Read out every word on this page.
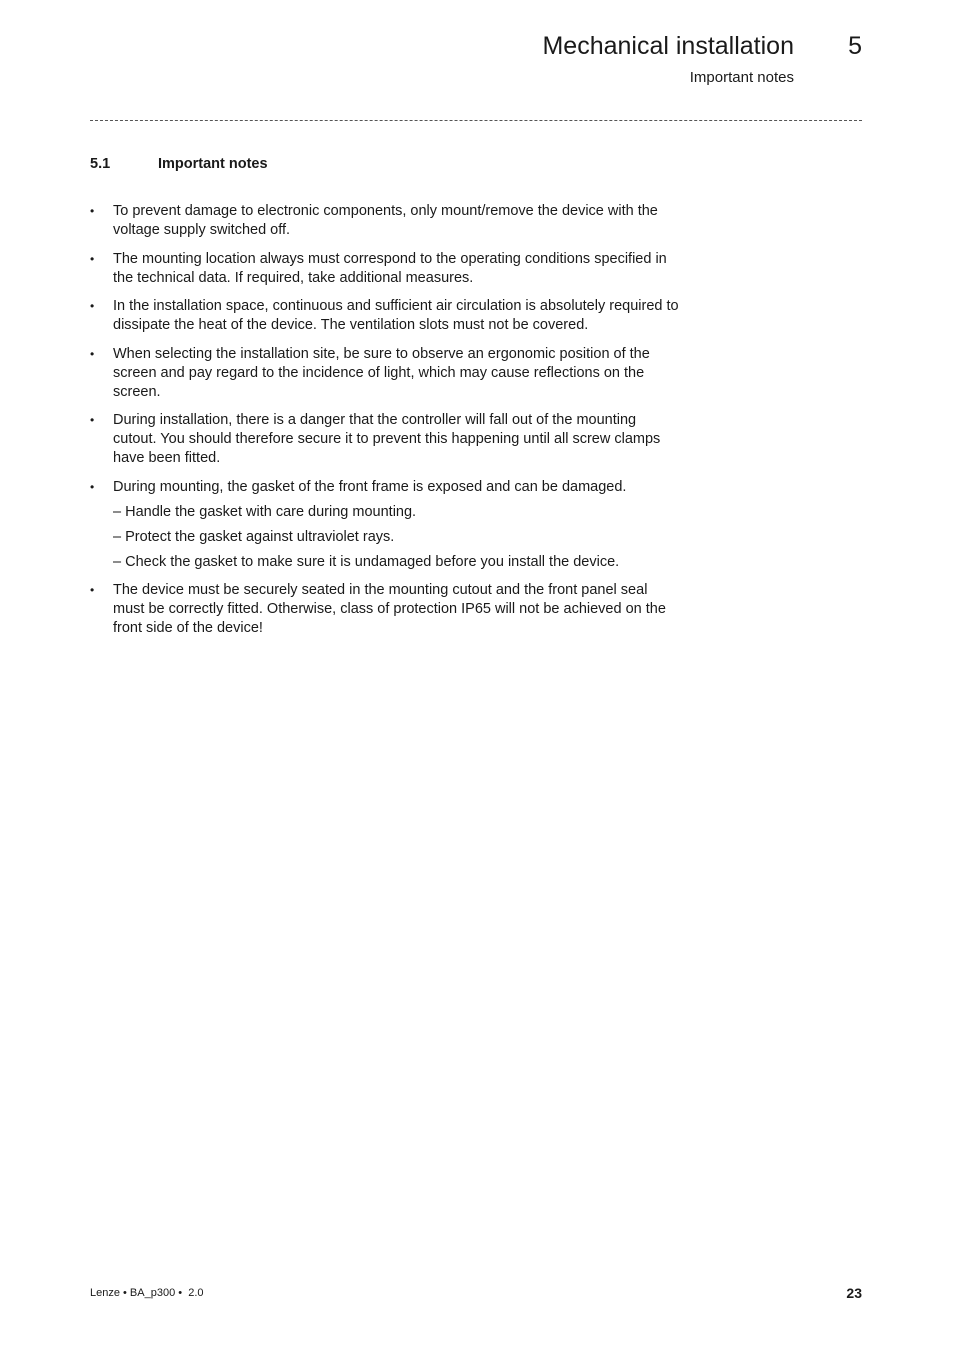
Mechanical installation 5
Important notes
5.1	Important notes
•	To prevent damage to electronic components, only mount/remove the device with the voltage supply switched off.
•	The mounting location always must correspond to the operating conditions specified in the technical data. If required, take additional measures.
•	In the installation space, continuous and sufficient air circulation is absolutely required to dissipate the heat of the device. The ventilation slots must not be covered.
•	When selecting the installation site, be sure to observe an ergonomic position of the screen and pay regard to the incidence of light, which may cause reflections on the screen.
•	During installation, there is a danger that the controller will fall out of the mounting cutout. You should therefore secure it to prevent this happening until all screw clamps have been fitted.
•	During mounting, the gasket of the front frame is exposed and can be damaged.
– Handle the gasket with care during mounting.
– Protect the gasket against ultraviolet rays.
– Check the gasket to make sure it is undamaged before you install the device.
•	The device must be securely seated in the mounting cutout and the front panel seal must be correctly fitted. Otherwise, class of protection IP65 will not be achieved on the front side of the device!
Lenze • BA_p300 •  2.0	23
